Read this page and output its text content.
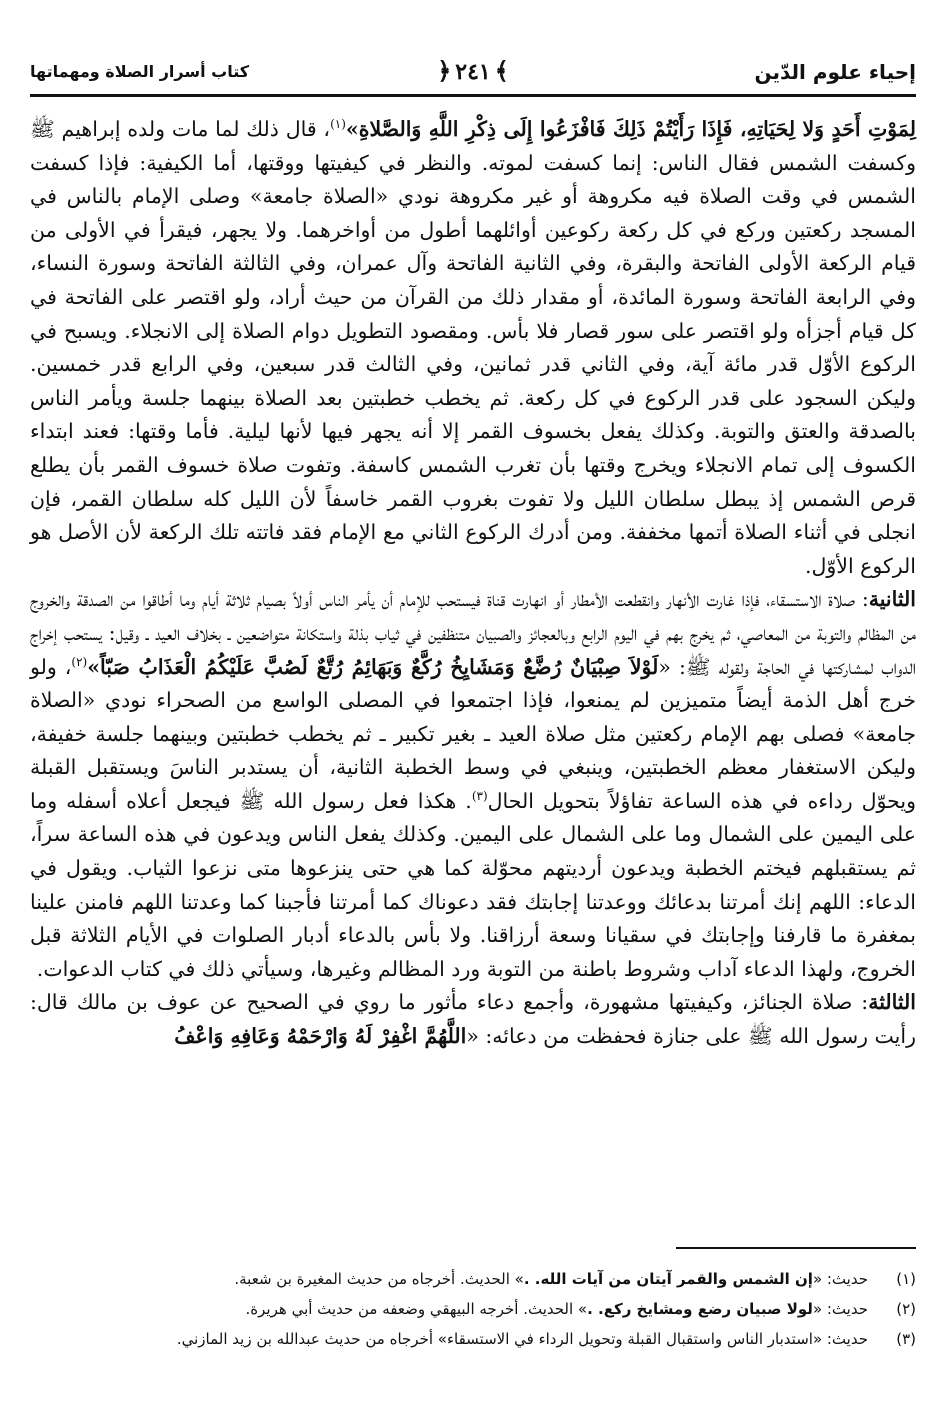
إحياء علوم الدّين
﴾٢٤١﴿
كتاب أسرار الصلاة ومهماتها

لِمَوْتِ أَحَدٍ وَلا لِحَيَاتِهِ، فَإِذَا رَأَيْتُمْ ذَلِكَ فَافْزَعُوا إِلَى ذِكْرِ اللَّهِ وَالصَّلاةِ»$^{(١)}$، قال ذلك لما مات ولده إبراهيم ﷺ وكسفت الشمس فقال الناس: إنما كسفت لموته. والنظر في كيفيتها ووقتها، أما الكيفية: فإذا كسفت الشمس في وقت الصلاة فيه مكروهة أو غير مكروهة نودي «الصلاة جامعة» وصلى الإمام بالناس في المسجد ركعتين وركع في كل ركعة ركوعين أوائلهما أطول من أواخرهما. ولا يجهر، فيقرأ في الأولى من قيام الركعة الأولى الفاتحة والبقرة، وفي الثانية الفاتحة وآل عمران، وفي الثالثة الفاتحة وسورة النساء، وفي الرابعة الفاتحة وسورة المائدة، أو مقدار ذلك من القرآن من حيث أراد، ولو اقتصر على الفاتحة في كل قيام أجزأه ولو اقتصر على سور قصار فلا بأس. ومقصود التطويل دوام الصلاة إلى الانجلاء. ويسبح في الركوع الأوّل قدر مائة آية، وفي الثاني قدر ثمانين، وفي الثالث قدر سبعين، وفي الرابع قدر خمسين. وليكن السجود على قدر الركوع في كل ركعة. ثم يخطب خطبتين بعد الصلاة بينهما جلسة ويأمر الناس بالصدقة والعتق والتوبة. وكذلك يفعل بخسوف القمر إلا أنه يجهر فيها لأنها ليلية. فأما وقتها: فعند ابتداء الكسوف إلى تمام الانجلاء ويخرج وقتها بأن تغرب الشمس كاسفة. وتفوت صلاة خسوف القمر بأن يطلع قرص الشمس إذ يبطل سلطان الليل ولا تفوت بغروب القمر خاسفاً لأن الليل كله سلطان القمر، فإن انجلى في أثناء الصلاة أتمها مخففة. ومن أدرك الركوع الثاني مع الإمام فقد فاتته تلك الركعة لأن الأصل هو الركوع الأوّل.

الثانية: صلاة الاستسقاء، فإذا غارت الأنهار وانقطعت الأمطار أو انهارت قناة فيستحب للإمام أن يأمر الناس أولاً بصيام ثلاثة أيام وما أطاقوا من الصدقة والخروج من المظالم والتوبة من المعاصي، ثم يخرج بهم في اليوم الرابع وبالعجائز والصبيان متنظفين في ثياب بذلة واستكانة متواضعين ـ بخلاف العيد ـ وقيل: يستحب إخراج الدواب لمشاركتها في الحاجة ولقوله ﷺ: «لَوْلاَ صِبْيَانٌ رُضَّعٌ وَمَشَايِخُ رُكَّعٌ وَبَهَائِمُ رُتَّعٌ لَصُبَّ عَلَيْكُمُ الْعَذَابُ صَبّاً»$^{(٢)}$، ولو خرج أهل الذمة أيضاً متميزين لم يمنعوا، فإذا اجتمعوا في المصلى الواسع من الصحراء نودي «الصلاة جامعة» فصلى بهم الإمام ركعتين مثل صلاة العيد ـ بغير تكبير ـ ثم يخطب خطبتين وبينهما جلسة خفيفة، وليكن الاستغفار معظم الخطبتين، وينبغي في وسط الخطبة الثانية، أن يستدبر الناسَ ويستقبل القبلة ويحوّل رداءه في هذه الساعة تفاؤلاً بتحويل الحال$^{(٣)}$. هكذا فعل رسول الله ﷺ فيجعل أعلاه أسفله وما على اليمين على الشمال وما على الشمال على اليمين. وكذلك يفعل الناس ويدعون في هذه الساعة سراً، ثم يستقبلهم فيختم الخطبة ويدعون أرديتهم محوّلة كما هي حتى ينزعوها متى نزعوا الثياب. ويقول في الدعاء: اللهم إنك أمرتنا بدعائك ووعدتنا إجابتك فقد دعوناك كما أمرتنا فأجبنا كما وعدتنا اللهم فامنن علينا بمغفرة ما قارفنا وإجابتك في سقيانا وسعة أرزاقنا. ولا بأس بالدعاء أدبار الصلوات في الأيام الثلاثة قبل الخروج، ولهذا الدعاء آداب وشروط باطنة من التوبة ورد المظالم وغيرها، وسيأتي ذلك في كتاب الدعوات.

الثالثة: صلاة الجنائز، وكيفيتها مشهورة، وأجمع دعاء مأثور ما روي في الصحيح عن عوف بن مالك قال: رأيت رسول الله ﷺ على جنازة فحفظت من دعائه: «اللَّهُمَّ اغْفِرْ لَهُ وَارْحَمْهُ وَعَافِهِ وَاعْفُ

(١)
حديث: «إن الشمس والقمر آيتان من آيات الله. .» الحديث. أخرجاه من حديث المغيرة بن شعبة.
(٢)
حديث: «لولا صبيان رضع ومشايخ ركع. .» الحديث. أخرجه البيهقي وضعفه من حديث أبي هريرة.
(٣)
حديث: «استدبار الناس واستقبال القبلة وتحويل الرداء في الاستسقاء» أخرجاه من حديث عبدالله بن زيد المازني.
